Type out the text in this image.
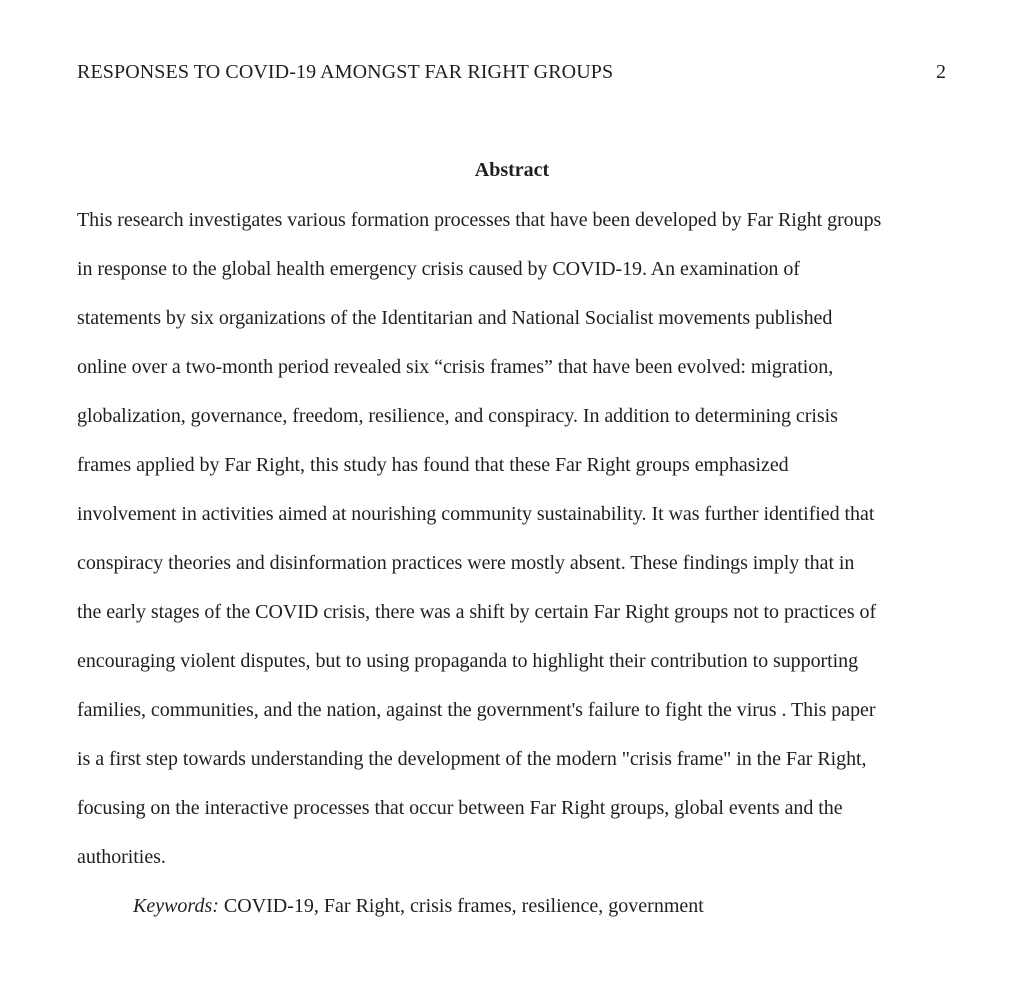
RESPONSES TO COVID-19 AMONGST FAR RIGHT GROUPS	2
Abstract
This research investigates various formation processes that have been developed by Far Right groups
in response to the global health emergency crisis caused by COVID-19. An examination of
statements by six organizations of the Identitarian and National Socialist movements published
online over a two-month period revealed six “crisis frames” that have been evolved: migration,
globalization, governance, freedom, resilience, and conspiracy. In addition to determining crisis
frames applied by Far Right, this study has found that these Far Right groups emphasized
involvement in activities aimed at nourishing community sustainability. It was further identified that
conspiracy theories and disinformation practices were mostly absent. These findings imply that in
the early stages of the COVID crisis, there was a shift by certain Far Right groups not to practices of
encouraging violent disputes, but to using propaganda to highlight their contribution to supporting
families, communities, and the nation, against the government's failure to fight the virus . This paper
is a first step towards understanding the development of the modern "crisis frame" in the Far Right,
focusing on the interactive processes that occur between Far Right groups, global events and the
authorities.
Keywords: COVID-19, Far Right, crisis frames, resilience, government
